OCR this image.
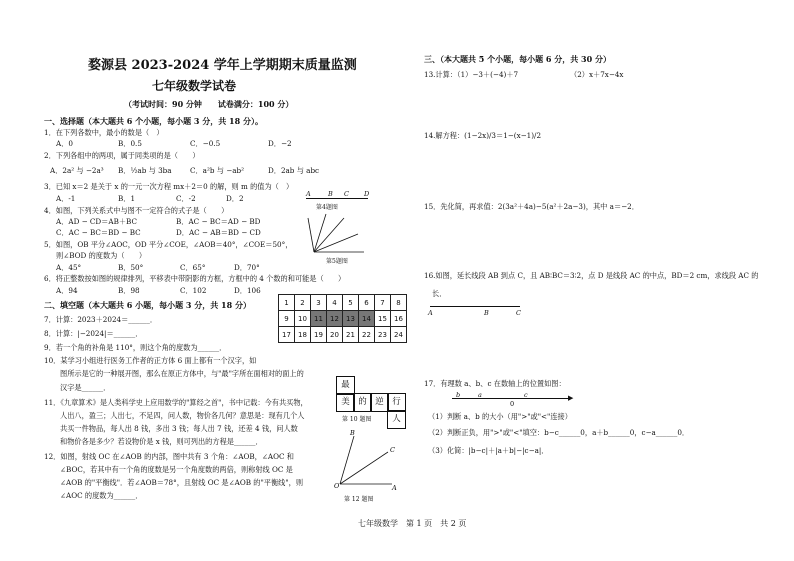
婺源县 2023-2024 学年上学期期末质量监测
七年级数学试卷
（考试时间：90 分钟　　试卷满分：100 分）
一、选择题（本大题共 6 个小题，每小题 3 分，共 18 分）。
1．在下列各数中，最小的数是（　）
A．0	B．0.5	C．−0.5	D．−2
2．下列各组中的两项，属于同类项的是（　　）
A．2a² 与 −2a³ B．½ab 与 3ba	C．a²b 与 −ab²	D．2ab 与 abc
3．已知 x＝2 是关于 x 的一元一次方程 mx＋2＝0 的解，则 m 的值为（　）
A．-1	B．1	C．-2	D．2
4．如图，下列关系式中与图不一定符合的式子是（　　）
A．AD − CD＝AB＋BC	B．AC − BC＝AD − BD
C．AC − BC＝BD − BC	D．AC − AB＝BD − CD
5．如图，OB 平分∠AOC，OD 平分∠COE，∠AOB＝40°，∠COE＝50°，
则∠BOD 的度数为（　　）
A．45°	B．50°	C．65°	D．70°
6．将正整数按如图的规律排列，平移表中带阴影的方框，方框中的 4 个数的和可能是（　　）
A．94	B．98	C．102	D．106
A	B C D
第4题图
第5题图
二、填空题（本大题共 6 小题，每小题 3 分，共 18 分）
7．计算：2023＋2024＝______．
8．计算：|−2024|＝______．
9．若一个角的补角是 110°，则这个角的度数为______．
10．某学习小组进行医务工作者的正方体 6 面上都有一个汉字，如
图所示是它的一种展开图，那么在原正方体中，与"最"字所在面相对的面上的
汉字是______．
11．《九章算术》是人类科学史上应用数学的"算经之首"，书中记载：今有共买物，
人出八，盈三；人出七，不足四，问人数，物价各几何？意思是：现有几个人
共买一件物品，每人出 8 钱，多出 3 钱；每人出 7 钱，还差 4 钱，问人数
和物价各是多少？若设物价是 x 钱，则可列出的方程是______．
12．如图，射线 OC 在∠AOB 的内部，图中共有 3 个角：∠AOB，∠AOC 和
∠BOC，若其中有一个角的度数是另一个角度数的两倍，则称射线 OC 是
∠AOB 的"平衡线"．若∠AOB＝78°，且射线 OC 是∠AOB 的"平衡线"，则
∠AOC 的度数为______．
1	2	3	4	5	6	7	8
9	10	11	12	13	14	15	16
17	18	19	20	21	22	23	24
最
美 的 逆 行
人
第 10 题图
O	A
C
B
第 12 题图
三、（本大题共 5 个小题，每小题 6 分，共 30 分）
13.计算：（1）−3＋(−4)＋7	（2）x＋7x−4x
14.解方程：(1−2x)/3＝1−(x−1)/2
15．先化简，再求值：2(3a²＋4a)−5(a²＋2a−3)，其中 a＝−2．
16.如图，延长线段 AB 到点 C，且 AB∶BC＝3∶2，点 D 是线段 AC 的中点，BD＝2 cm，求线段 AC 的
长．
A	B	C
17．有理数 a、b、c 在数轴上的位置如图：
▶
b	a
0
c
（1）判断 a、b 的大小（用">"或"<"连接）
（2）判断正负，用">"或"<"填空：b−c______0，a＋b______0，c−a______0．
（3）化简：|b−c|＋|a＋b|−|c−a|．
七年级数学　第 1 页　共 2 页
